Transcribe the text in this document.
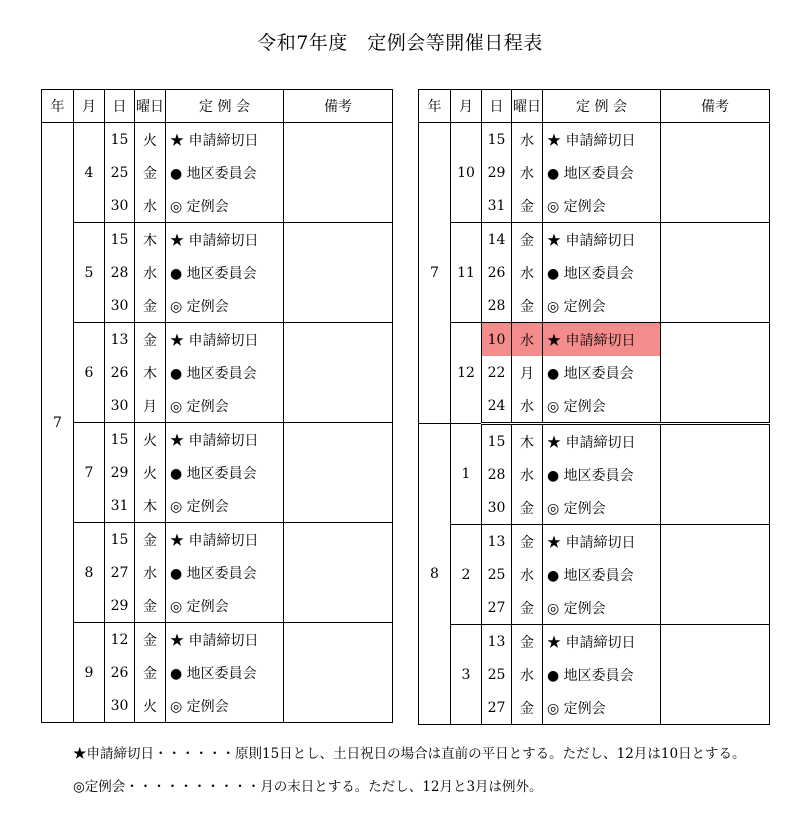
令和7年度　定例会等開催日程表
年	月	日	曜日	定 例 会	備考
7	4	15	火	★ 申請締切日	
		25	金	● 地区委員会	
		30	水	◎ 定例会	
	5	15	木	★ 申請締切日	
		28	水	● 地区委員会	
		30	金	◎ 定例会	
	6	13	金	★ 申請締切日	
		26	木	● 地区委員会	
		30	月	◎ 定例会	
	7	15	火	★ 申請締切日	
		29	火	● 地区委員会	
		31	木	◎ 定例会	
	8	15	金	★ 申請締切日	
		27	水	● 地区委員会	
		29	金	◎ 定例会	
	9	12	金	★ 申請締切日	
		26	金	● 地区委員会	
		30	火	◎ 定例会	
年	月	日	曜日	定 例 会	備考
7	10	15	水	★ 申請締切日	
		29	水	● 地区委員会	
		31	金	◎ 定例会	
	11	14	金	★ 申請締切日	
		26	水	● 地区委員会	
		28	金	◎ 定例会	
	12	10	水	★ 申請締切日	
		22	月	● 地区委員会	
		24	水	◎ 定例会	
8	1	15	木	★ 申請締切日	
		28	水	● 地区委員会	
		30	金	◎ 定例会	
	2	13	金	★ 申請締切日	
		25	水	● 地区委員会	
		27	金	◎ 定例会	
	3	13	金	★ 申請締切日	
		25	水	● 地区委員会	
		27	金	◎ 定例会	
★申請締切日・・・・・・原則15日とし、土日祝日の場合は直前の平日とする。ただし、12月は10日とする。
◎定例会・・・・・・・・・・月の末日とする。ただし、12月と3月は例外。
